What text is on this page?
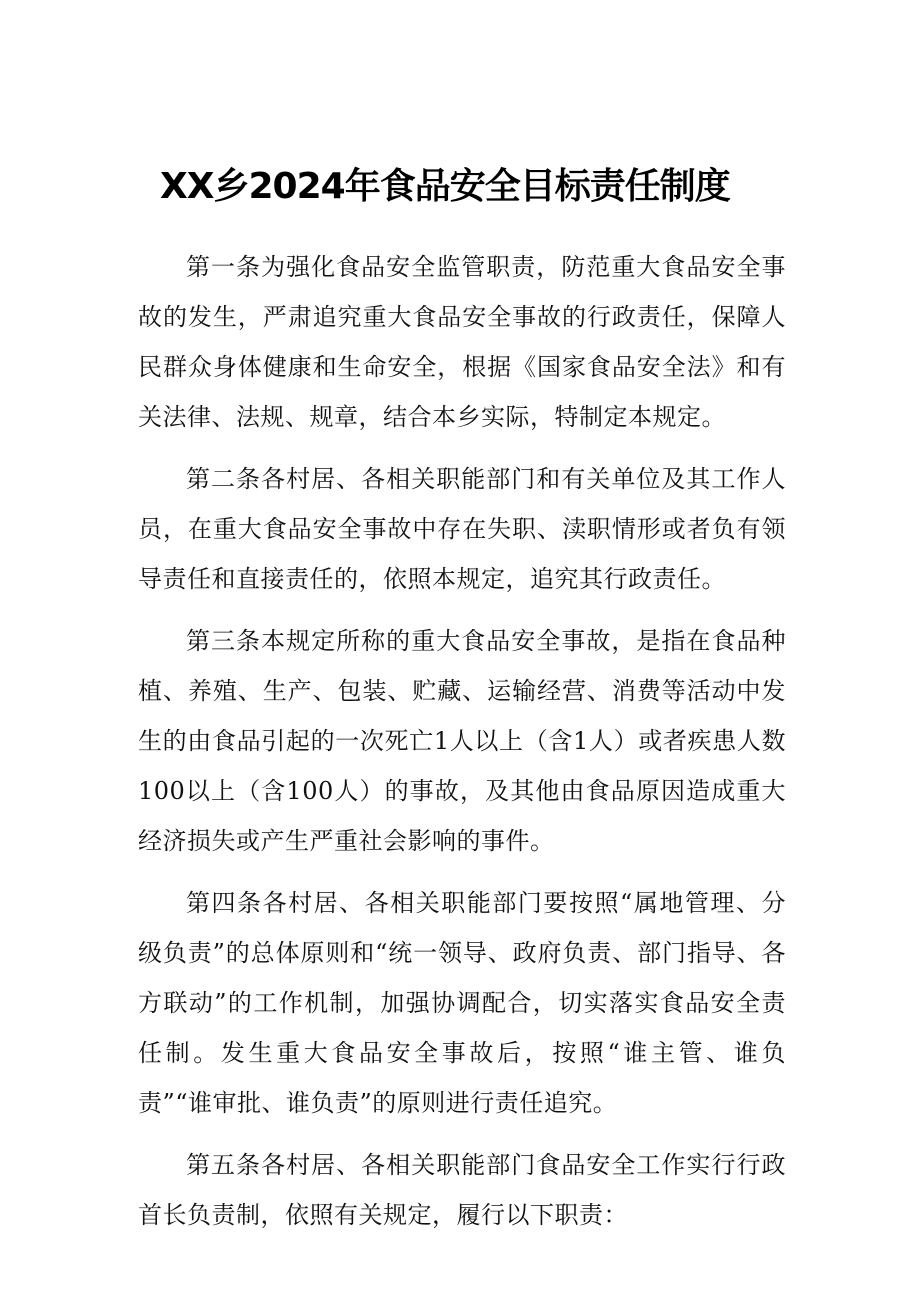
XX乡2024年食品安全目标责任制度

第一条为强化食品安全监管职责，防范重大食品安全事故的发生，严肃追究重大食品安全事故的行政责任，保障人民群众身体健康和生命安全，根据《国家食品安全法》和有关法律、法规、规章，结合本乡实际，特制定本规定。

第二条各村居、各相关职能部门和有关单位及其工作人员，在重大食品安全事故中存在失职、渎职情形或者负有领导责任和直接责任的，依照本规定，追究其行政责任。

第三条本规定所称的重大食品安全事故，是指在食品种植、养殖、生产、包装、贮藏、运输经营、消费等活动中发生的由食品引起的一次死亡1人以上（含1人）或者疾患人数100以上（含100人）的事故，及其他由食品原因造成重大经济损失或产生严重社会影响的事件。

第四条各村居、各相关职能部门要按照“属地管理、分级负责”的总体原则和“统一领导、政府负责、部门指导、各方联动”的工作机制，加强协调配合，切实落实食品安全责任制。发生重大食品安全事故后，按照“谁主管、谁负责”“谁审批、谁负责”的原则进行责任追究。

第五条各村居、各相关职能部门食品安全工作实行行政首长负责制，依照有关规定，履行以下职责：
